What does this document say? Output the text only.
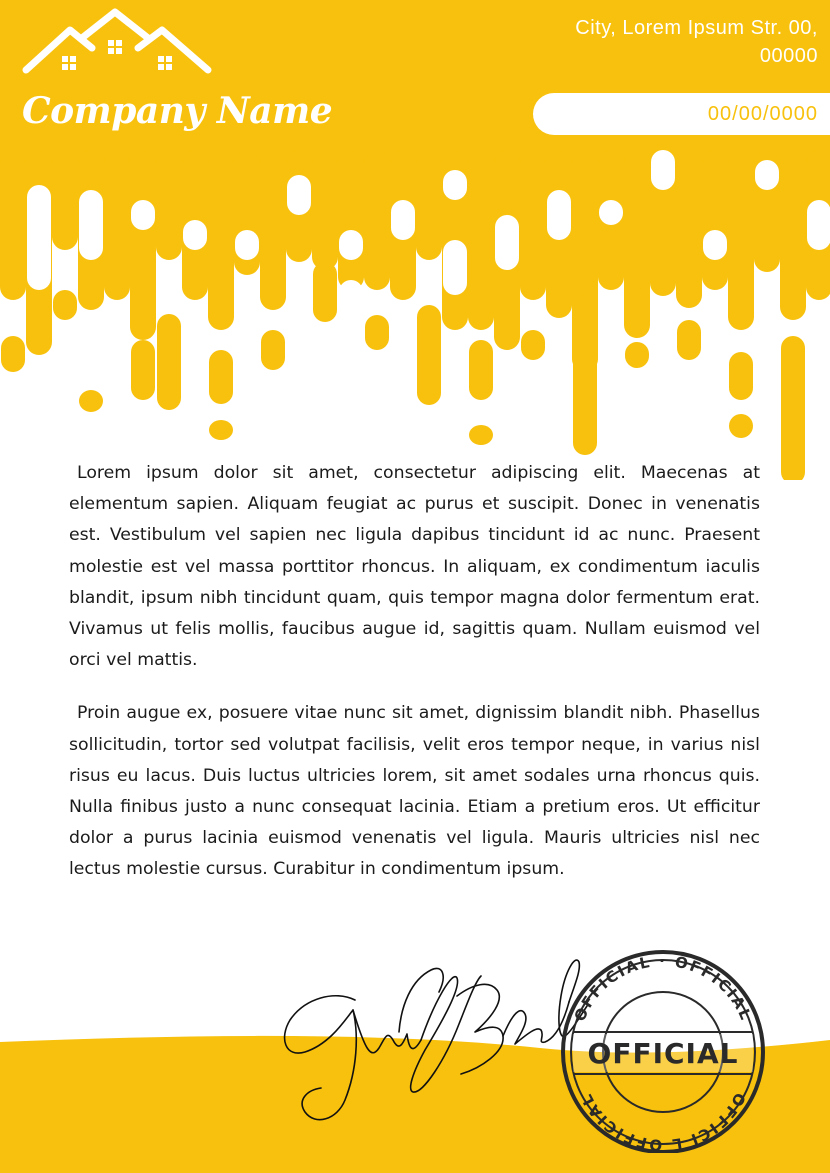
Company Name
City, Lorem Ipsum Str. 00,
00000
00/00/0000

Lorem ipsum dolor sit amet, consectetur adipiscing elit. Maecenas at elementum sapien. Aliquam feugiat ac purus et suscipit. Donec in venenatis est. Vestibulum vel sapien nec ligula dapibus tincidunt id ac nunc. Praesent molestie est vel massa porttitor rhoncus. In aliquam, ex condimentum iaculis blandit, ipsum nibh tincidunt quam, quis tempor magna dolor fermentum erat. Vivamus ut felis mollis, faucibus augue id, sagittis quam. Nullam euismod vel orci vel mattis.

Proin augue ex, posuere vitae nunc sit amet, dignissim blandit nibh. Phasellus sollicitudin, tortor sed volutpat facilisis, velit eros tempor neque, in varius nisl risus eu lacus. Duis luctus ultricies lorem, sit amet sodales urna rhoncus quis. Nulla finibus justo a nunc consequat lacinia. Etiam a pretium eros. Ut efficitur dolor a purus lacinia euismod venenatis vel ligula. Mauris ultricies nisl nec lectus molestie cursus. Curabitur in condimentum ipsum.

OFFICIAL
OFFICIAL · OFFICIAL
OFFICI L OFFICIAL
